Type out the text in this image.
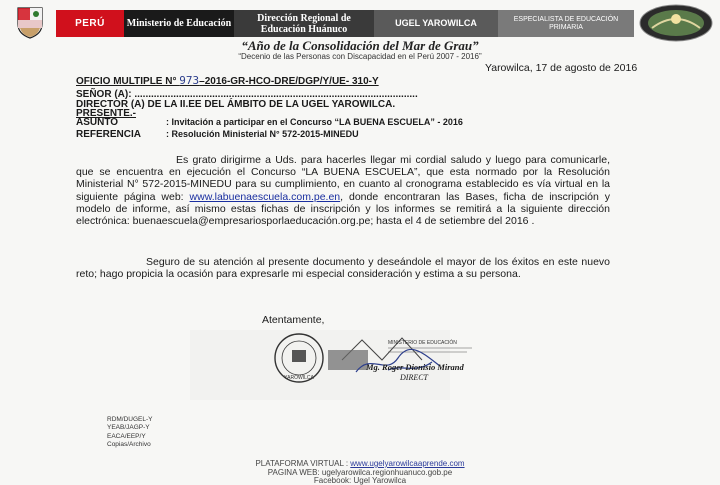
PERÚ	Ministerio de Educación	Dirección Regional de Educación Huánuco
UGEL YAROWILCA	ESPECIALISTA DE EDUCACIÓN PRIMARIA
“Año de la Consolidación del Mar de Grau”
“Decenio de las Personas con Discapacidad en el Perú 2007 - 2016”
Yarowilca, 17 de agosto de 2016
OFICIO MULTIPLE N° 973–2016-GR-HCO-DRE/DGP/Y/UE- 310-Y
SEÑOR (A): ......................................................................................................
DIRECTOR (A) DE LA II.EE DEL ÁMBITO DE LA UGEL YAROWILCA.
PRESENTE.-
ASUNTO	: Invitación a participar en el Concurso “LA BUENA ESCUELA” - 2016
REFERENCIA	: Resolución Ministerial N° 572-2015-MINEDU
Es grato dirigirme a Uds. para hacerles llegar mi cordial saludo y luego para comunicarle, que se encuentra en ejecución el Concurso “LA BUENA ESCUELA”, que esta normado por la Resolución Ministerial N° 572-2015-MINEDU para su cumplimiento, en cuanto al cronograma establecido es vía virtual en la siguiente página web: www.labuenaescuela.com.pe.en, donde encontraran las Bases, ficha de inscripción y modelo de informe, así mismo estas fichas de inscripción y los informes se remitirá a la siguiente dirección electrónica: buenaescuela@empresariosporlaeducación.org.pe; hasta el 4 de setiembre del 2016 .
Seguro de su atención al presente documento y deseándole el mayor de los éxitos en este nuevo reto; hago propicia la ocasión para expresarle mi especial consideración y estima a su persona.
Atentamente,
YAROWILCA
MINISTERIO DE EDUCACIÓN
Mg. Roger Dionisio Mirand
DIRECT
RDM/DUGEL-Y
YEAB/JAGP-Y
EACA/EEP/Y
Copias/Archivo
PLATAFORMA VIRTUAL : www.ugelyarowilcaaprende.com
PAGINA WEB: ugelyarowilca.regionhuanuco.gob.pe
Facebook: Ugel Yarowilca
